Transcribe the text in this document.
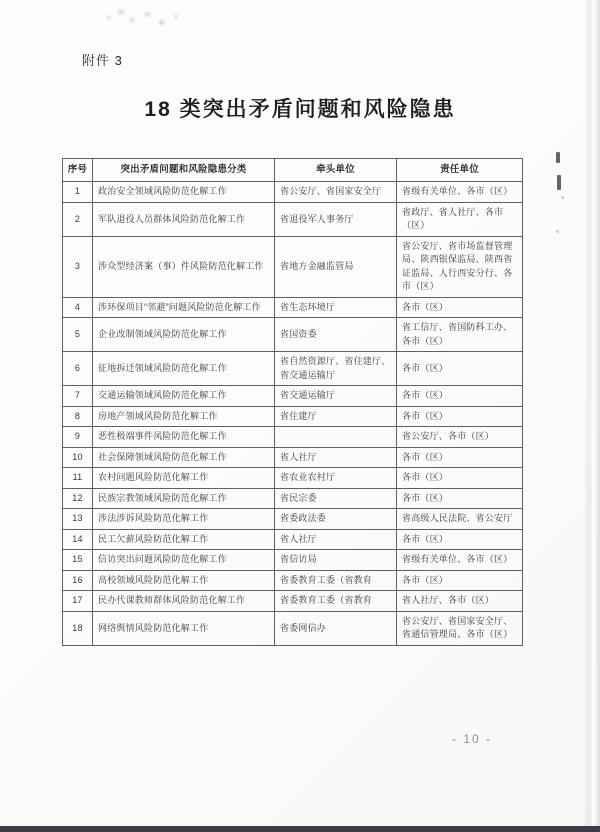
附件 3
18 类突出矛盾问题和风险隐患
序号	突出矛盾问题和风险隐患分类	牵头单位	责任单位
1	政治安全领域风险防范化解工作	省公安厅、省国家安全厅	省级有关单位、各市（区）
2	军队退役人员群体风险防范化解工作	省退役军人事务厅	省政厅、省人社厅、各市（区）
3	涉众型经济案（事）件风险防范化解工作	省地方金融监管局	省公安厅、省市场监督管理局、陕西银保监局、陕西省证监局、人行西安分行、各市（区）
4	涉环保项目“邻避”问题风险防范化解工作	省生态环境厅	各市（区）
5	企业改制领域风险防范化解工作	省国资委	省工信厅、省国防科工办、各市（区）
6	征地拆迁领域风险防范化解工作	省自然资源厅、省住建厅、省交通运输厅	各市（区）
7	交通运输领域风险防范化解工作	省交通运输厅	各市（区）
8	房地产领域风险防范化解工作	省住建厅	各市（区）
9	恶性极端事件风险防范化解工作		省公安厅、各市（区）
10	社会保障领域风险防范化解工作	省人社厅	各市（区）
11	农村问题风险防范化解工作	省农业农村厅	各市（区）
12	民族宗教领域风险防范化解工作	省民宗委	各市（区）
13	涉法涉诉风险防范化解工作	省委政法委	省高级人民法院、省公安厅
14	民工欠薪风险防范化解工作	省人社厅	各市（区）
15	信访突出问题风险防范化解工作	省信访局	省级有关单位、各市（区）
16	高校领域风险防范化解工作	省委教育工委（省教育	各市（区）
17	民办代课教师群体风险防范化解工作	省委教育工委（省教育	省人社厅、各市（区）
18	网络舆情风险防范化解工作	省委网信办	省公安厅、省国家安全厅、省通信管理局、各市（区）
- 10 -
